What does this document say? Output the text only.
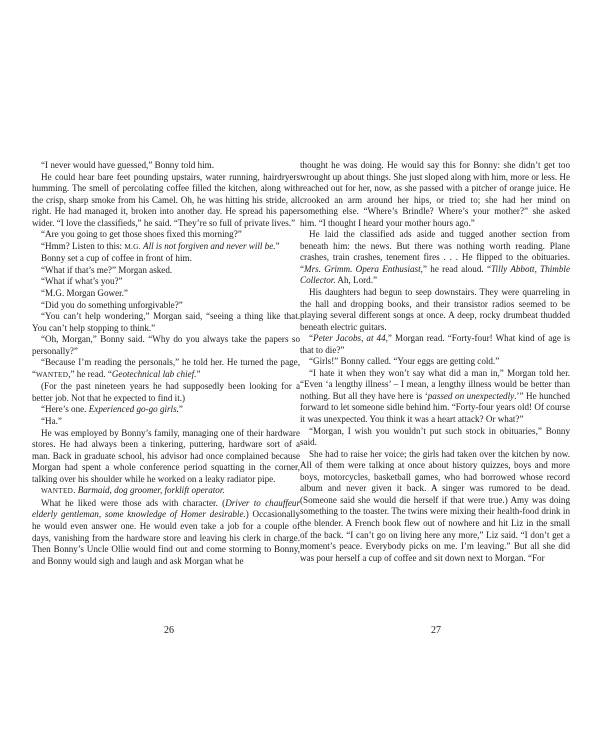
“I never would have guessed,” Bonny told him.

He could hear bare feet pounding upstairs, water running, hairdryers humming. The smell of percolating coffee filled the kitchen, along with the crisp, sharp smoke from his Camel. Oh, he was hitting his stride, all right. He had managed it, broken into another day. He spread his paper wider. “I love the classifieds,” he said. “They’re so full of private lives.”

“Are you going to get those shoes fixed this morning?”

“Hmm? Listen to this: M.G. All is not forgiven and never will be.”

Bonny set a cup of coffee in front of him.

“What if that’s me?” Morgan asked.

“What if what’s you?”

“M.G. Morgan Gower.”

“Did you do something unforgivable?”

“You can’t help wondering,” Morgan said, “seeing a thing like that. You can’t help stopping to think.”

“Oh, Morgan,” Bonny said. “Why do you always take the papers so personally?”

“Because I’m reading the personals,” he told her. He turned the page, “WANTED,” he read. “Geotechnical lab chief.”

(For the past nineteen years he had supposedly been looking for a better job. Not that he expected to find it.)

“Here’s one. Experienced go-go girls.”

“Ha.”

He was employed by Bonny’s family, managing one of their hardware stores. He had always been a tinkering, puttering, hardware sort of a man. Back in graduate school, his advisor had once complained because Morgan had spent a whole conference period squatting in the corner, talking over his shoulder while he worked on a leaky radiator pipe.

WANTED. Barmaid, dog groomer, forklift operator.

What he liked were those ads with character. (Driver to chauffeur elderly gentleman, some knowledge of Homer desirable.) Occasionally he would even answer one. He would even take a job for a couple of days, vanishing from the hardware store and leaving his clerk in charge. Then Bonny’s Uncle Ollie would find out and come storming to Bonny, and Bonny would sigh and laugh and ask Morgan what he

26

thought he was doing. He would say this for Bonny: she didn’t get too wrought up about things. She just sloped along with him, more or less. He reached out for her, now, as she passed with a pitcher of orange juice. He crooked an arm around her hips, or tried to; she had her mind on something else. “Where’s Brindle? Where’s your mother?” she asked him. “I thought I heard your mother hours ago.”

He laid the classified ads aside and tugged another section from beneath him: the news. But there was nothing worth reading. Plane crashes, train crashes, tenement fires . . . He flipped to the obituaries. “Mrs. Grimm. Opera Enthusiast,” he read aloud. “Tilly Abbott, Thimble Collector. Ah, Lord.”

His daughters had begun to seep downstairs. They were quarreling in the hall and dropping books, and their transistor radios seemed to be playing several different songs at once. A deep, rocky drumbeat thudded beneath electric guitars.

“Peter Jacobs, at 44,” Morgan read. “Forty-four! What kind of age is that to die?”

“Girls!” Bonny called. “Your eggs are getting cold.”

“I hate it when they won’t say what did a man in,” Morgan told her. “Even ‘a lengthy illness’ – I mean, a lengthy illness would be better than nothing. But all they have here is ‘passed on unexpectedly.’” He hunched forward to let someone sidle behind him. “Forty-four years old! Of course it was unexpected. You think it was a heart attack? Or what?”

“Morgan, I wish you wouldn’t put such stock in obituaries,” Bonny said.

She had to raise her voice; the girls had taken over the kitchen by now. All of them were talking at once about history quizzes, boys and more boys, motorcycles, basketball games, who had borrowed whose record album and never given it back. A singer was rumored to be dead. (Someone said she would die herself if that were true.) Amy was doing something to the toaster. The twins were mixing their health-food drink in the blender. A French book flew out of nowhere and hit Liz in the small of the back. “I can’t go on living here any more,” Liz said. “I don’t get a moment’s peace. Everybody picks on me. I’m leaving.” But all she did was pour herself a cup of coffee and sit down next to Morgan. “For

27
